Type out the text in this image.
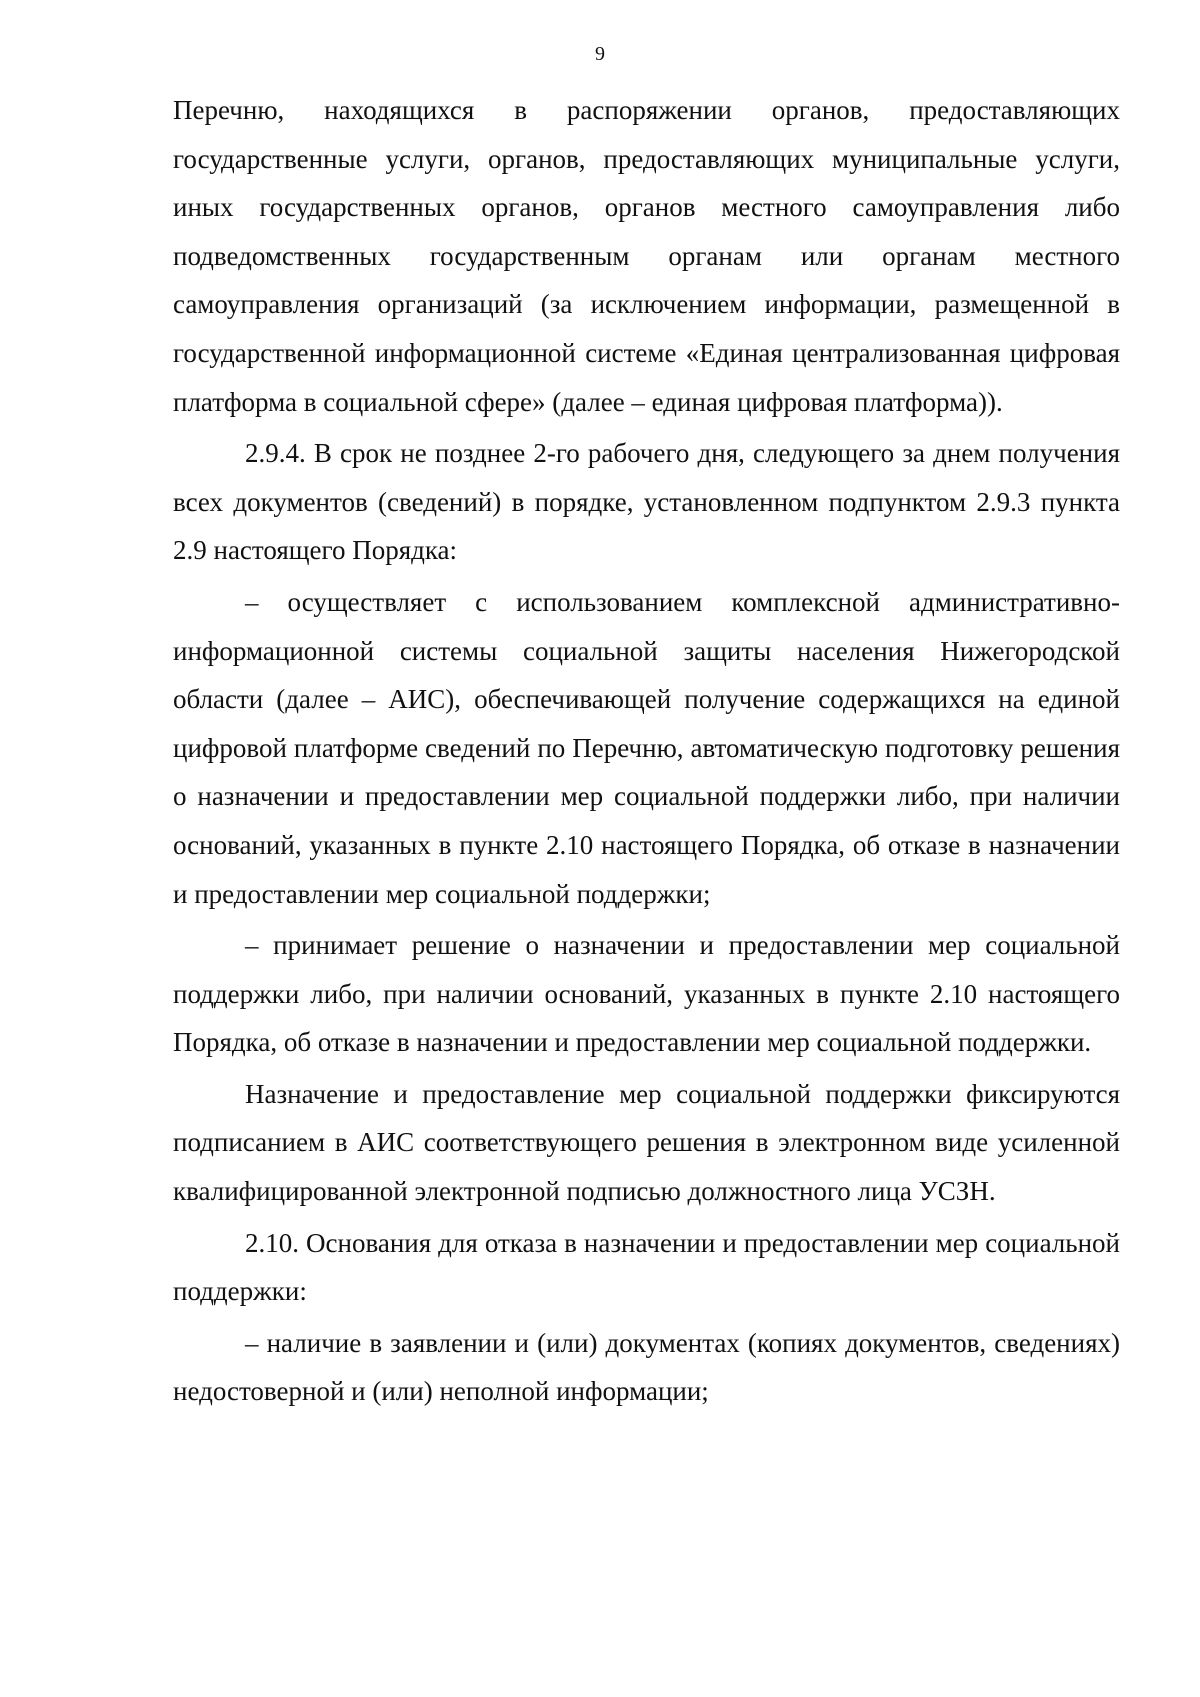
9

Перечню, находящихся в распоряжении органов, предоставляющих государственные услуги, органов, предоставляющих муниципальные услуги, иных государственных органов, органов местного самоуправления либо подведомственных государственным органам или органам местного самоуправления организаций (за исключением информации, размещенной в государственной информационной системе «Единая централизованная цифровая платформа в социальной сфере» (далее – единая цифровая платформа)).

2.9.4. В срок не позднее 2-го рабочего дня, следующего за днем получения всех документов (сведений) в порядке, установленном подпунктом 2.9.3 пункта 2.9 настоящего Порядка:

– осуществляет с использованием комплексной административно-информационной системы социальной защиты населения Нижегородской области (далее – АИС), обеспечивающей получение содержащихся на единой цифровой платформе сведений по Перечню, автоматическую подготовку решения о назначении и предоставлении мер социальной поддержки либо, при наличии оснований, указанных в пункте 2.10 настоящего Порядка, об отказе в назначении и предоставлении мер социальной поддержки;

– принимает решение о назначении и предоставлении мер социальной поддержки либо, при наличии оснований, указанных в пункте 2.10 настоящего Порядка, об отказе в назначении и предоставлении мер социальной поддержки.

Назначение и предоставление мер социальной поддержки фиксируются подписанием в АИС соответствующего решения в электронном виде усиленной квалифицированной электронной подписью должностного лица УСЗН.

2.10. Основания для отказа в назначении и предоставлении мер социальной поддержки:

– наличие в заявлении и (или) документах (копиях документов, сведениях) недостоверной и (или) неполной информации;
